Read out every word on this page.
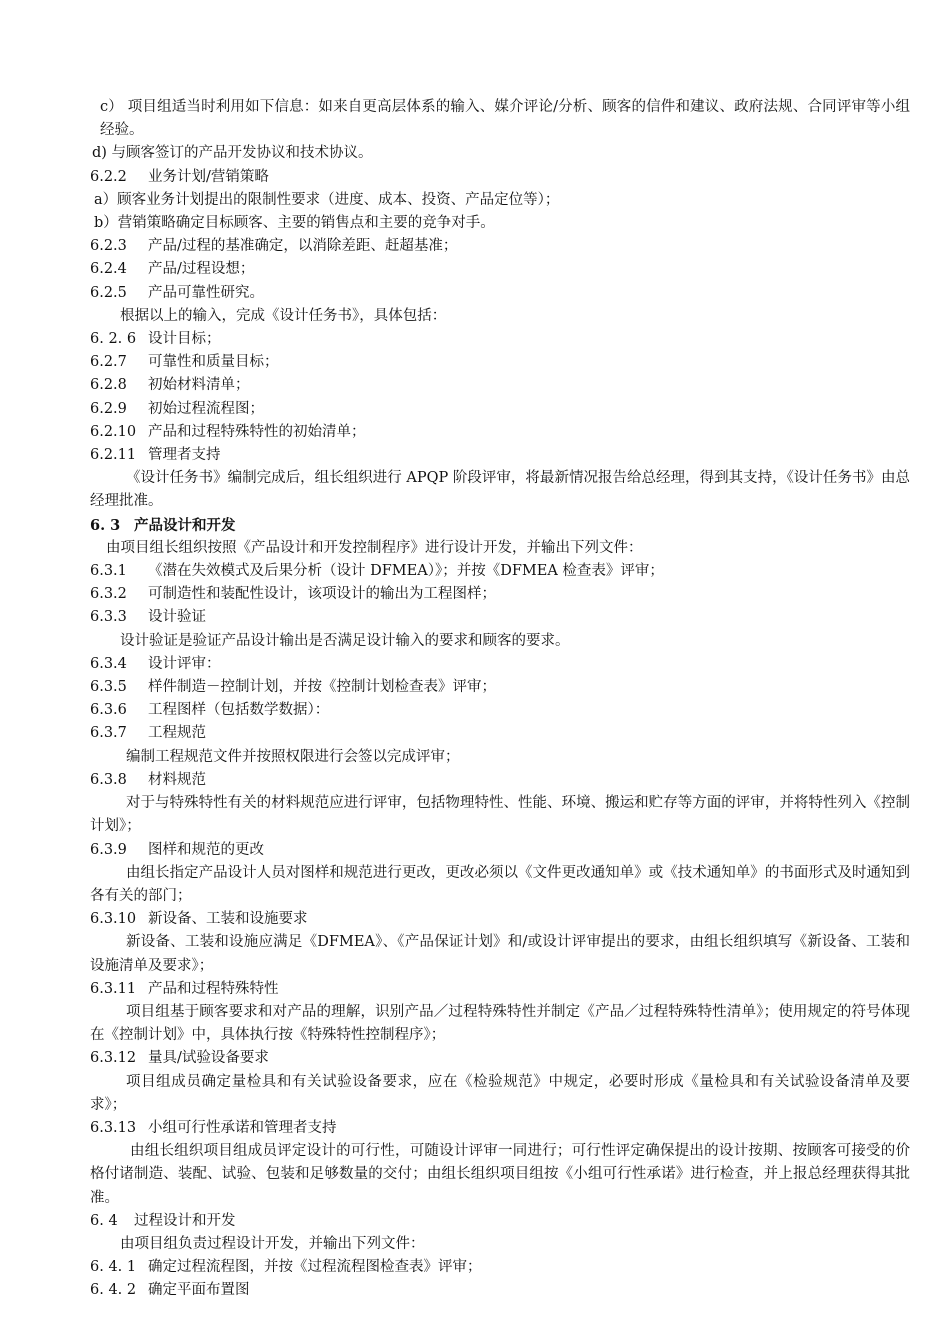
c） 项目组适当时利用如下信息：如来自更高层体系的输入、媒介评论/分析、顾客的信件和建议、政府法规、合同评审等小组经验。
d) 与顾客签订的产品开发协议和技术协议。
6.2.2 业务计划/营销策略
a）顾客业务计划提出的限制性要求（进度、成本、投资、产品定位等）；
b）营销策略确定目标顾客、主要的销售点和主要的竞争对手。
6.2.3 产品/过程的基准确定，以消除差距、赶超基准；
6.2.4 产品/过程设想；
6.2.5 产品可靠性研究。
根据以上的输入，完成《设计任务书》，具体包括：
6. 2. 6 设计目标；
6.2.7 可靠性和质量目标；
6.2.8 初始材料清单；
6.2.9 初始过程流程图；
6.2.10 产品和过程特殊特性的初始清单；
6.2.11 管理者支持
《设计任务书》编制完成后，组长组织进行 APQP 阶段评审，将最新情况报告给总经理，得到其支持，《设计任务书》由总经理批准。
6. 3 产品设计和开发
由项目组长组织按照《产品设计和开发控制程序》进行设计开发，并输出下列文件：
6.3.1 《潜在失效模式及后果分析（设计 DFMEA）》；并按《DFMEA 检查表》评审；
6.3.2 可制造性和装配性设计，该项设计的输出为工程图样；
6.3.3 设计验证
设计验证是验证产品设计输出是否满足设计输入的要求和顾客的要求。
6.3.4 设计评审：
6.3.5 样件制造－控制计划，并按《控制计划检查表》评审；
6.3.6 工程图样（包括数学数据）：
6.3.7 工程规范
编制工程规范文件并按照权限进行会签以完成评审；
6.3.8 材料规范
对于与特殊特性有关的材料规范应进行评审，包括物理特性、性能、环境、搬运和贮存等方面的评审，并将特性列入《控制计划》；
6.3.9 图样和规范的更改
由组长指定产品设计人员对图样和规范进行更改，更改必须以《文件更改通知单》或《技术通知单》的书面形式及时通知到各有关的部门；
6.3.10 新设备、工装和设施要求
新设备、工装和设施应满足《DFMEA》、《产品保证计划》和/或设计评审提出的要求，由组长组织填写《新设备、工装和设施清单及要求》；
6.3.11 产品和过程特殊特性
项目组基于顾客要求和对产品的理解，识别产品／过程特殊特性并制定《产品／过程特殊特性清单》；使用规定的符号体现在《控制计划》中，具体执行按《特殊特性控制程序》；
6.3.12 量具/试验设备要求
项目组成员确定量检具和有关试验设备要求，应在《检验规范》中规定，必要时形成《量检具和有关试验设备清单及要求》；
6.3.13 小组可行性承诺和管理者支持
由组长组织项目组成员评定设计的可行性，可随设计评审一同进行；可行性评定确保提出的设计按期、按顾客可接受的价格付诸制造、装配、试验、包装和足够数量的交付；由组长组织项目组按《小组可行性承诺》进行检查，并上报总经理获得其批准。
6. 4 过程设计和开发
由项目组负责过程设计开发，并输出下列文件：
6. 4. 1 确定过程流程图，并按《过程流程图检查表》评审；
6. 4. 2 确定平面布置图
